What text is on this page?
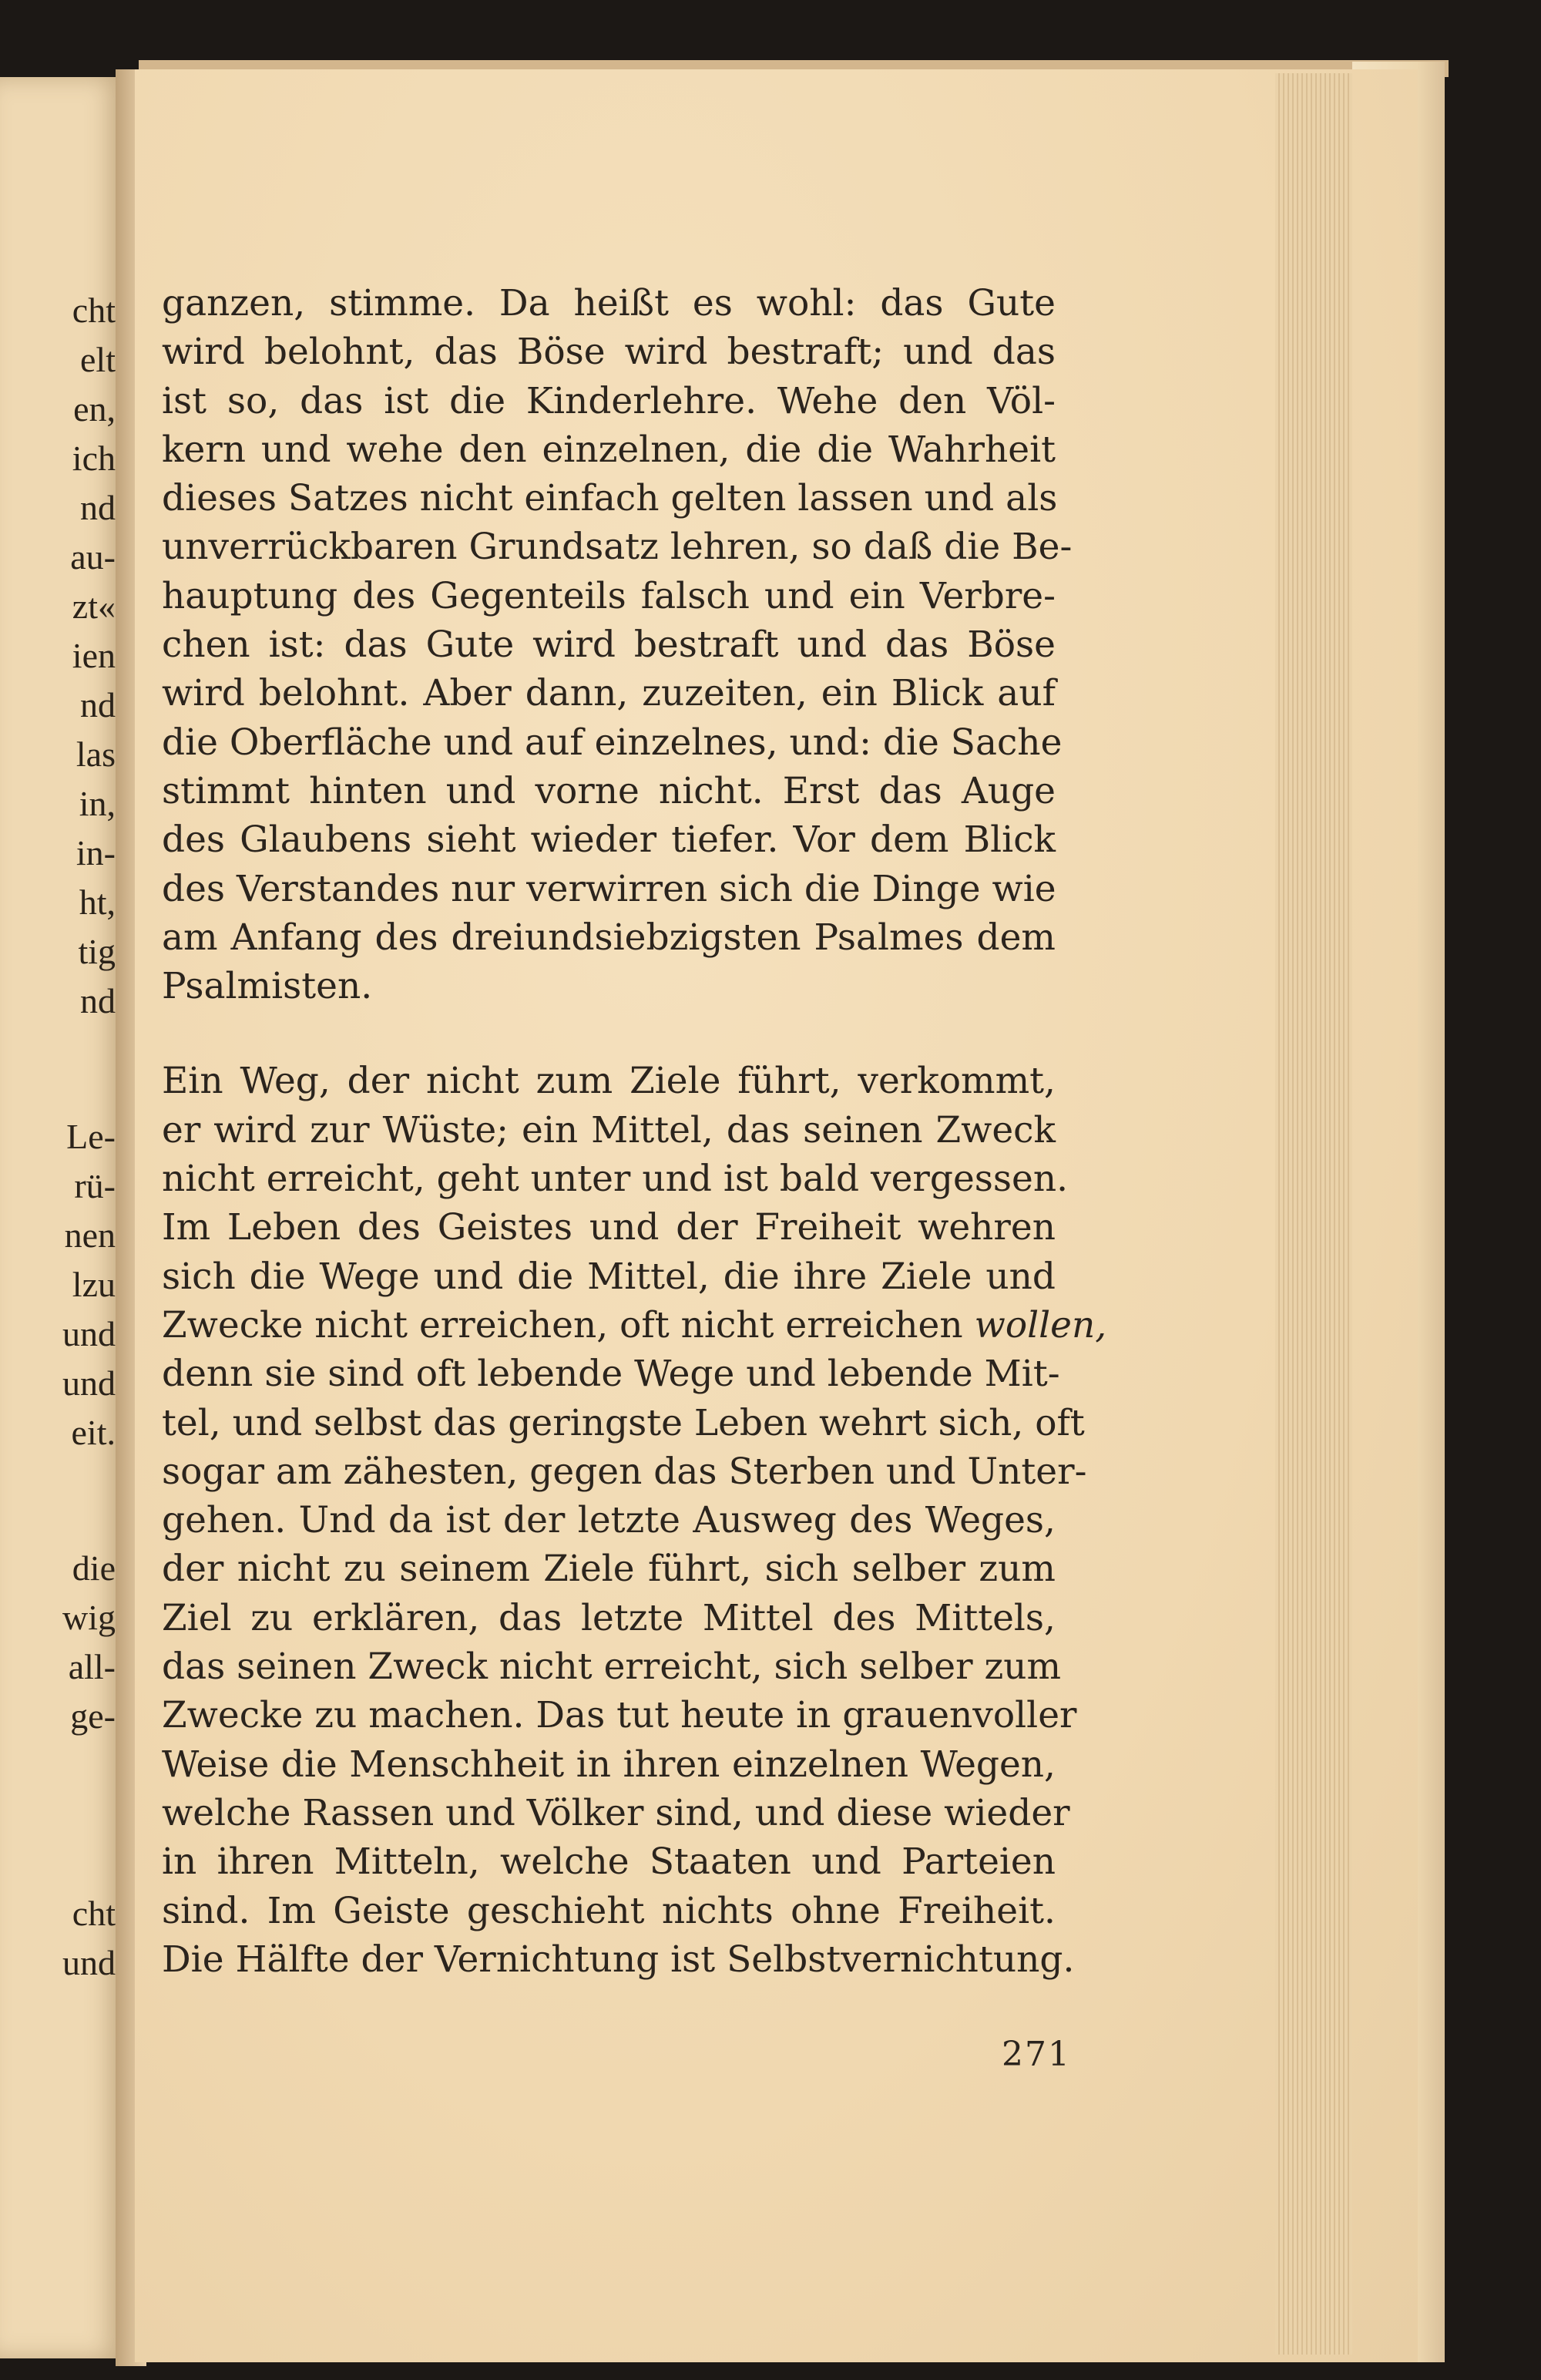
cht
elt
en,
ich
nd
au-
zt«
ien
nd
las
in,
in-
ht,
tig
nd
Le-
rü-
nen
lzu
und
und
eit.
die
wig
all-
ge-
cht
und
ganzen, stimme. Da heißt es wohl: das Gute
wird belohnt, das Böse wird bestraft; und das
ist so, das ist die Kinderlehre. Wehe den Völ-
kern und wehe den einzelnen, die die Wahrheit
dieses Satzes nicht einfach gelten lassen und als
unverrückbaren Grundsatz lehren, so daß die Be-
hauptung des Gegenteils falsch und ein Verbre-
chen ist: das Gute wird bestraft und das Böse
wird belohnt. Aber dann, zuzeiten, ein Blick auf
die Oberfläche und auf einzelnes, und: die Sache
stimmt hinten und vorne nicht. Erst das Auge
des Glaubens sieht wieder tiefer. Vor dem Blick
des Verstandes nur verwirren sich die Dinge wie
am Anfang des dreiundsiebzigsten Psalmes dem
Psalmisten.
Ein Weg, der nicht zum Ziele führt, verkommt,
er wird zur Wüste; ein Mittel, das seinen Zweck
nicht erreicht, geht unter und ist bald vergessen.
Im Leben des Geistes und der Freiheit wehren
sich die Wege und die Mittel, die ihre Ziele und
Zwecke nicht erreichen, oft nicht erreichen wollen,
denn sie sind oft lebende Wege und lebende Mit-
tel, und selbst das geringste Leben wehrt sich, oft
sogar am zähesten, gegen das Sterben und Unter-
gehen. Und da ist der letzte Ausweg des Weges,
der nicht zu seinem Ziele führt, sich selber zum
Ziel zu erklären, das letzte Mittel des Mittels,
das seinen Zweck nicht erreicht, sich selber zum
Zwecke zu machen. Das tut heute in grauenvoller
Weise die Menschheit in ihren einzelnen Wegen,
welche Rassen und Völker sind, und diese wieder
in ihren Mitteln, welche Staaten und Parteien
sind. Im Geiste geschieht nichts ohne Freiheit.
Die Hälfte der Vernichtung ist Selbstvernichtung.
271
